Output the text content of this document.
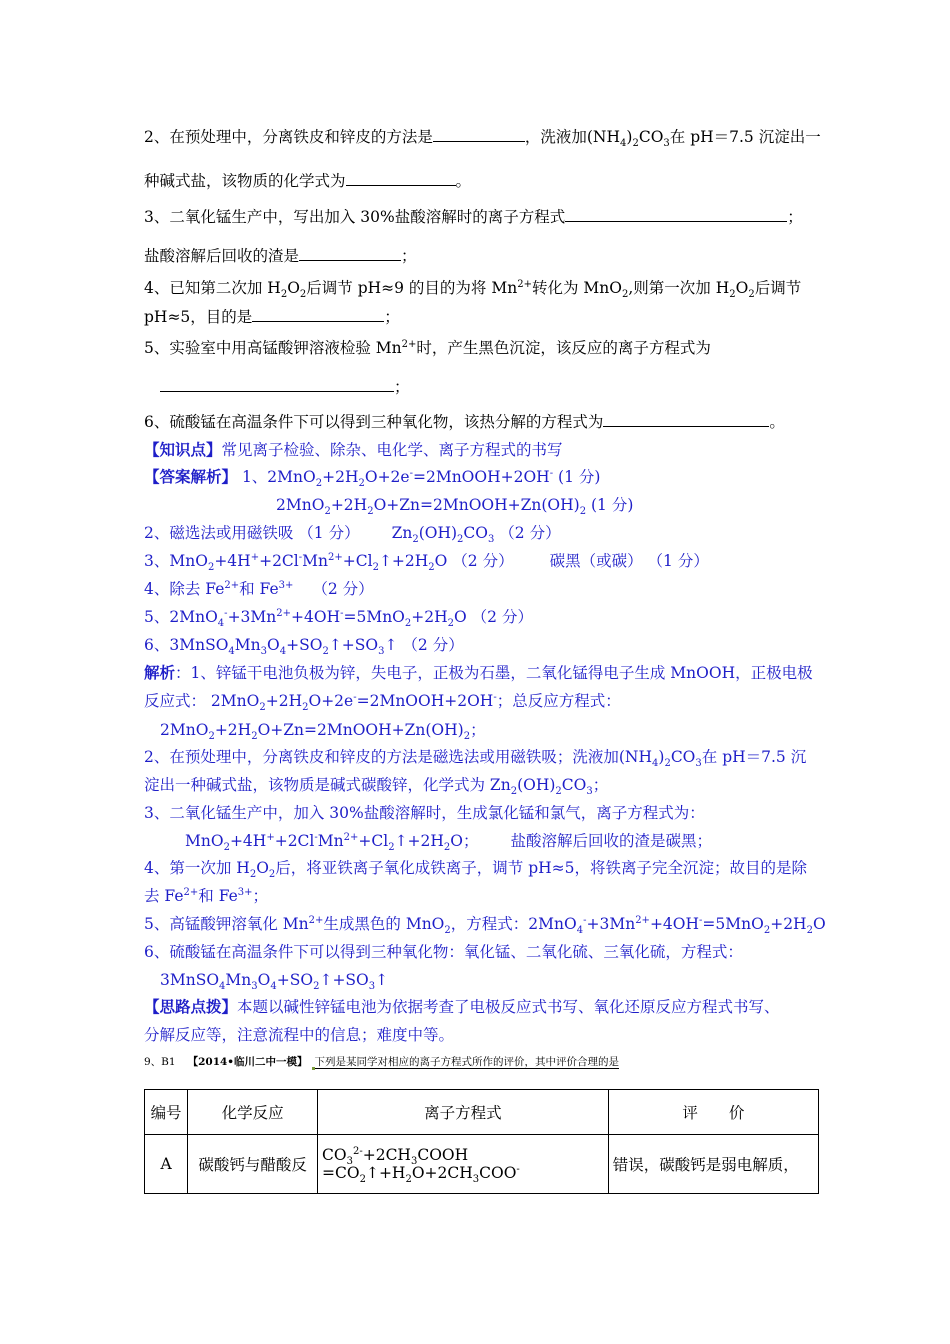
2、在预处理中，分离铁皮和锌皮的方法是	，洗液加$(NH_4)_2CO_3$在 pH＝7.5 沉淀出一
种碱式盐，该物质的化学式为	。
3、二氧化锰生产中，写出加入 30%盐酸溶解时的离子方程式	；
盐酸溶解后回收的渣是	；
4、已知第二次加 $H_2O_2$后调节 pH≈9 的目的为将 $Mn^{2+}$转化为 MnO$_2$,则第一次加 $H_2O_2$后调节
pH≈5，目的是	；
5、实验室中用高锰酸钾溶液检验 $Mn^{2+}$时，产生黑色沉淀，该反应的离子方程式为
；
6、硫酸锰在高温条件下可以得到三种氧化物，该热分解的方程式为	。
【知识点】常见离子检验、除杂、电化学、离子方程式的书写
【答案解析】 1、$2MnO_2+2H_2O+2e^-=2MnOOH+2OH^-$ (1 分)
$2MnO_2+2H_2O+Zn=2MnOOH+Zn(OH)_2$ (1 分)
2、磁选法或用磁铁吸 （1 分） $Zn_2(OH)_2CO_3$ （2 分）
3、$MnO_2+4H^++2Cl^-Mn^{2+}+Cl_2↑+2H_2O$ （2 分） 碳黑（或碳） （1 分）
4、除去 $Fe^{2+}$和 $Fe^{3+}$ （2 分）
5、$2MnO_4^-+3Mn^{2+}+4OH^-=5MnO_2+2H_2O$ （2 分）
6、$3MnSO_4Mn_3O_4+SO_2↑+SO_3↑$ （2 分）
解析：1、锌锰干电池负极为锌，失电子，正极为石墨，二氧化锰得电子生成 MnOOH，正极电极
反应式： $2MnO_2+2H_2O+2e^-=2MnOOH+2OH^-$；总反应方程式：
$2MnO_2+2H_2O+Zn=2MnOOH+Zn(OH)_2$；
2、在预处理中，分离铁皮和锌皮的方法是磁选法或用磁铁吸；洗液加$(NH_4)_2CO_3$在 pH＝7.5 沉
淀出一种碱式盐，该物质是碱式碳酸锌，化学式为 $Zn_2(OH)_2CO_3$；
3、二氧化锰生产中，加入 30%盐酸溶解时，生成氯化锰和氯气，离子方程式为：
$MnO_2+4H^++2Cl^-Mn^{2+}+Cl_2↑+2H_2O$； 盐酸溶解后回收的渣是碳黑；
4、第一次加 $H_2O_2$后，将亚铁离子氧化成铁离子，调节 pH≈5，将铁离子完全沉淀；故目的是除
去 $Fe^{2+}$和 $Fe^{3+}$；
5、高锰酸钾溶氧化 $Mn^{2+}$生成黑色的 MnO$_2$，方程式：$2MnO_4^-+3Mn^{2+}+4OH^-=5MnO_2+2H_2O$
6、硫酸锰在高温条件下可以得到三种氧化物：氧化锰、二氧化硫、三氧化硫，方程式：
$3MnSO_4Mn_3O_4+SO_2↑+SO_3↑$
【思路点拨】本题以碱性锌锰电池为依据考查了电极反应式书写、氧化还原反应方程式书写、
分解反应等，注意流程中的信息；难度中等。
9、B1 【2014•临川二中一模】 下列是某同学对相应的离子方程式所作的评价，其中评价合理的是
编号	化学反应	离子方程式	评　　价
A	碳酸钙与醋酸反	$CO_3^{2-}+2CH_3COOH$ $=CO_2↑+H_2O+2CH_3COO^-$	错误，碳酸钙是弱电解质，
